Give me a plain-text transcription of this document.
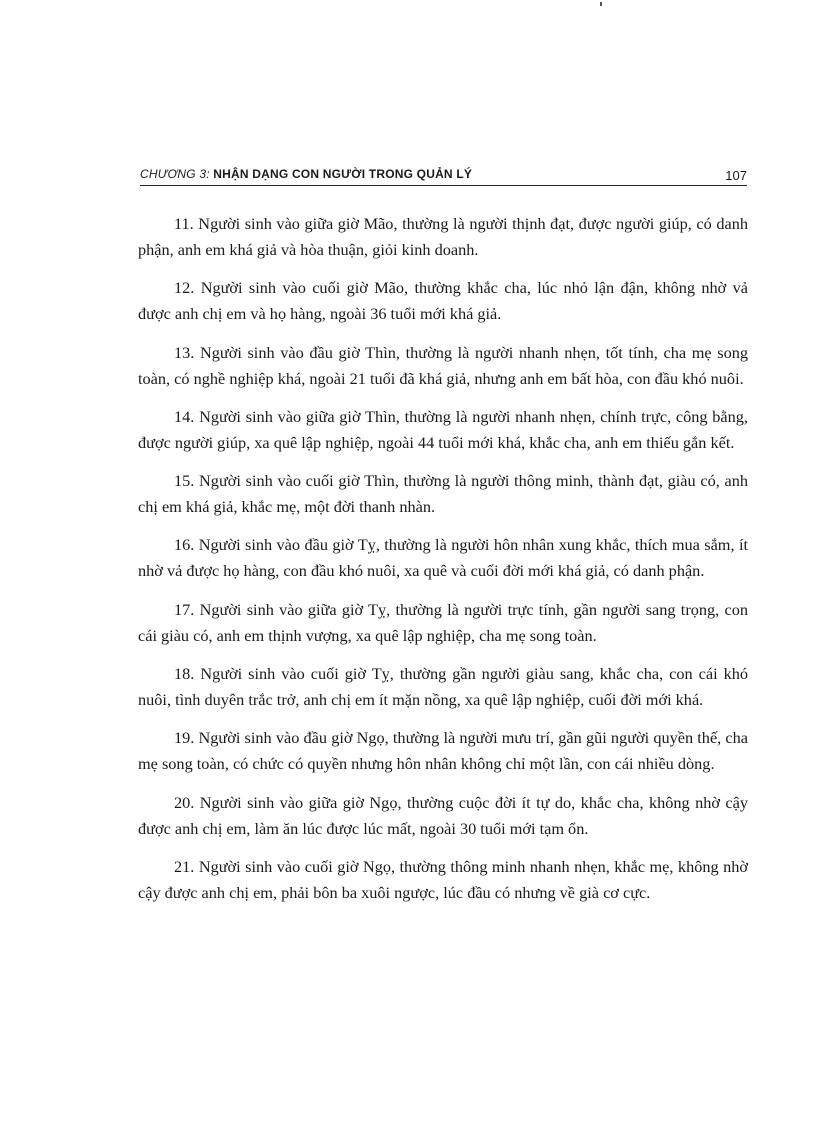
CHƯƠNG 3: NHẬN DẠNG CON NGƯỜI TRONG QUẢN LÝ	107

11. Người sinh vào giữa giờ Mão, thường là người thịnh đạt, được người giúp, có danh phận, anh em khá giả và hòa thuận, giỏi kinh doanh.

12. Người sinh vào cuối giờ Mão, thường khắc cha, lúc nhỏ lận đận, không nhờ vả được anh chị em và họ hàng, ngoài 36 tuổi mới khá giả.

13. Người sinh vào đầu giờ Thìn, thường là người nhanh nhẹn, tốt tính, cha mẹ song toàn, có nghề nghiệp khá, ngoài 21 tuổi đã khá giả, nhưng anh em bất hòa, con đầu khó nuôi.

14. Người sinh vào giữa giờ Thìn, thường là người nhanh nhẹn, chính trực, công bằng, được người giúp, xa quê lập nghiệp, ngoài 44 tuổi mới khá, khắc cha, anh em thiếu gắn kết.

15. Người sinh vào cuối giờ Thìn, thường là người thông minh, thành đạt, giàu có, anh chị em khá giả, khắc mẹ, một đời thanh nhàn.

16. Người sinh vào đầu giờ Tỵ, thường là người hôn nhân xung khắc, thích mua sắm, ít nhờ vả được họ hàng, con đầu khó nuôi, xa quê và cuối đời mới khá giả, có danh phận.

17. Người sinh vào giữa giờ Tỵ, thường là người trực tính, gần người sang trọng, con cái giàu có, anh em thịnh vượng, xa quê lập nghiệp, cha mẹ song toàn.

18. Người sinh vào cuối giờ Tỵ, thường gần người giàu sang, khắc cha, con cái khó nuôi, tình duyên trắc trở, anh chị em ít mặn nồng, xa quê lập nghiệp, cuối đời mới khá.

19. Người sinh vào đầu giờ Ngọ, thường là người mưu trí, gần gũi người quyền thế, cha mẹ song toàn, có chức có quyền nhưng hôn nhân không chỉ một lần, con cái nhiều dòng.

20. Người sinh vào giữa giờ Ngọ, thường cuộc đời ít tự do, khắc cha, không nhờ cậy được anh chị em, làm ăn lúc được lúc mất, ngoài 30 tuổi mới tạm ổn.

21. Người sinh vào cuối giờ Ngọ, thường thông minh nhanh nhẹn, khắc mẹ, không nhờ cậy được anh chị em, phải bôn ba xuôi ngược, lúc đầu có nhưng về già cơ cực.
